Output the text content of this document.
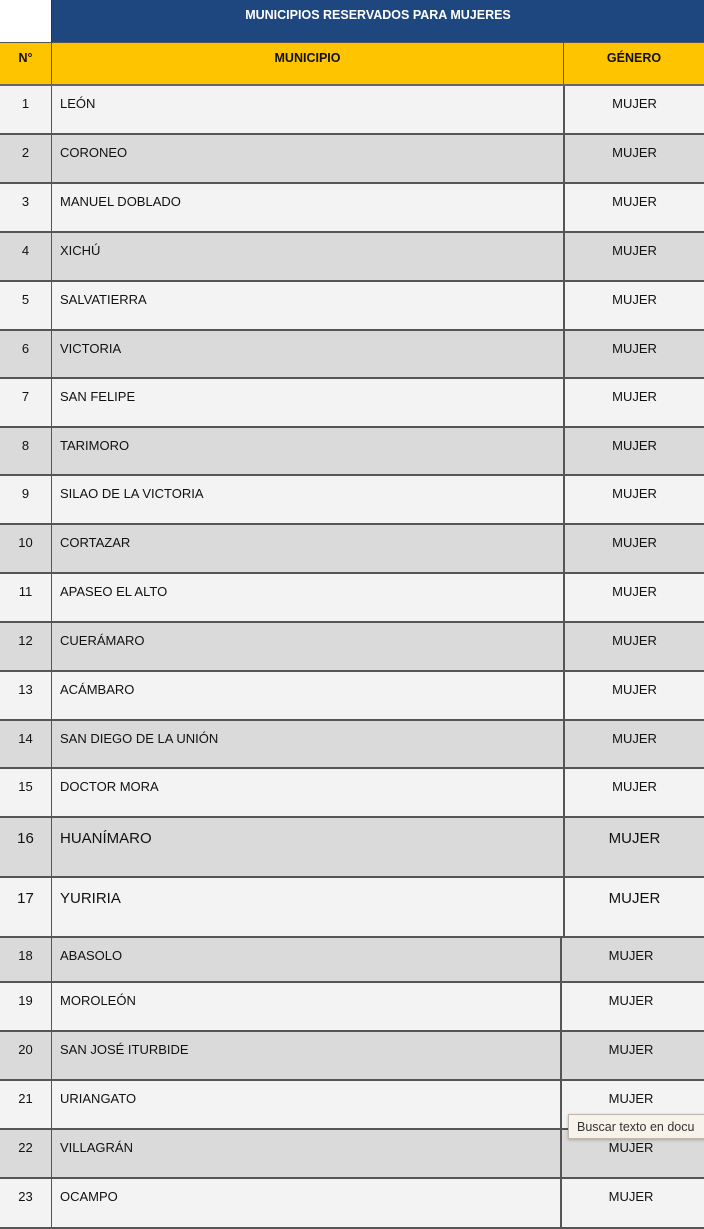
MUNICIPIOS RESERVADOS PARA MUJERES
N°	MUNICIPIO	GÉNERO
1	LEÓN	MUJER
2	CORONEO	MUJER
3	MANUEL DOBLADO	MUJER
4	XICHÚ	MUJER
5	SALVATIERRA	MUJER
6	VICTORIA	MUJER
7	SAN FELIPE	MUJER
8	TARIMORO	MUJER
9	SILAO DE LA VICTORIA	MUJER
10	CORTAZAR	MUJER
11	APASEO EL ALTO	MUJER
12	CUERÁMARO	MUJER
13	ACÁMBARO	MUJER
14	SAN DIEGO DE LA UNIÓN	MUJER
15	DOCTOR MORA	MUJER
16	HUANÍMARO	MUJER
17	YURIRIA	MUJER
18	ABASOLO	MUJER
19	MOROLEÓN	MUJER
20	SAN JOSÉ ITURBIDE	MUJER
21	URIANGATO	MUJER
22	VILLAGRÁN	MUJER
23	OCAMPO	MUJER
Buscar texto en docu
